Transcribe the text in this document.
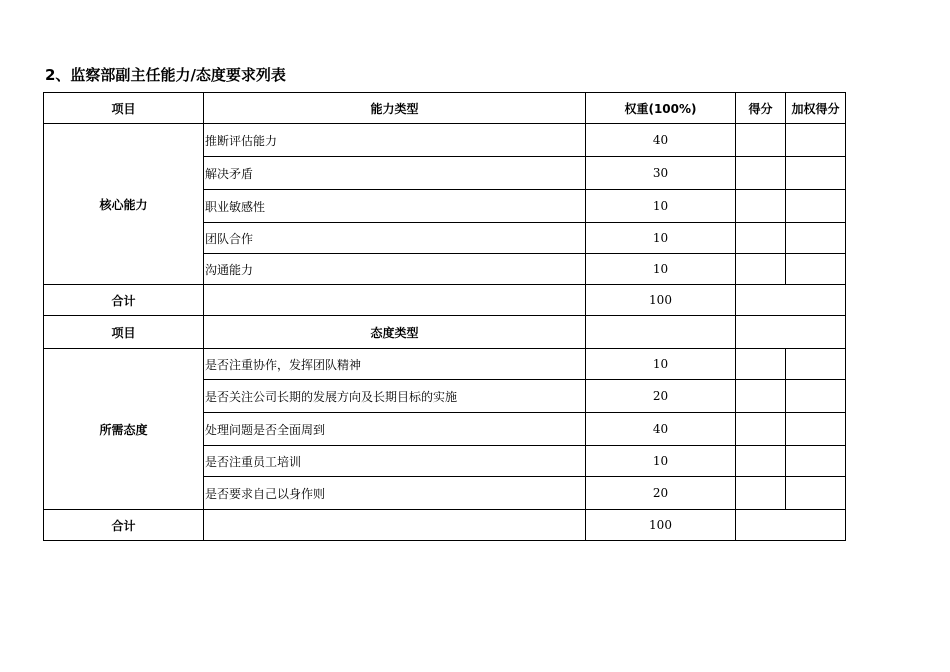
2、监察部副主任能力/态度要求列表
项目	能力类型	权重(100%)	得分	加权得分
核心能力	推断评估能力	40		
	解决矛盾	30		
	职业敏感性	10		
	团队合作	10		
	沟通能力	10		
合计		100		
项目	态度类型			
所需态度	是否注重协作，发挥团队精神	10		
	是否关注公司长期的发展方向及长期目标的实施	20		
	处理问题是否全面周到	40		
	是否注重员工培训	10		
	是否要求自己以身作则	20		
合计		100		
